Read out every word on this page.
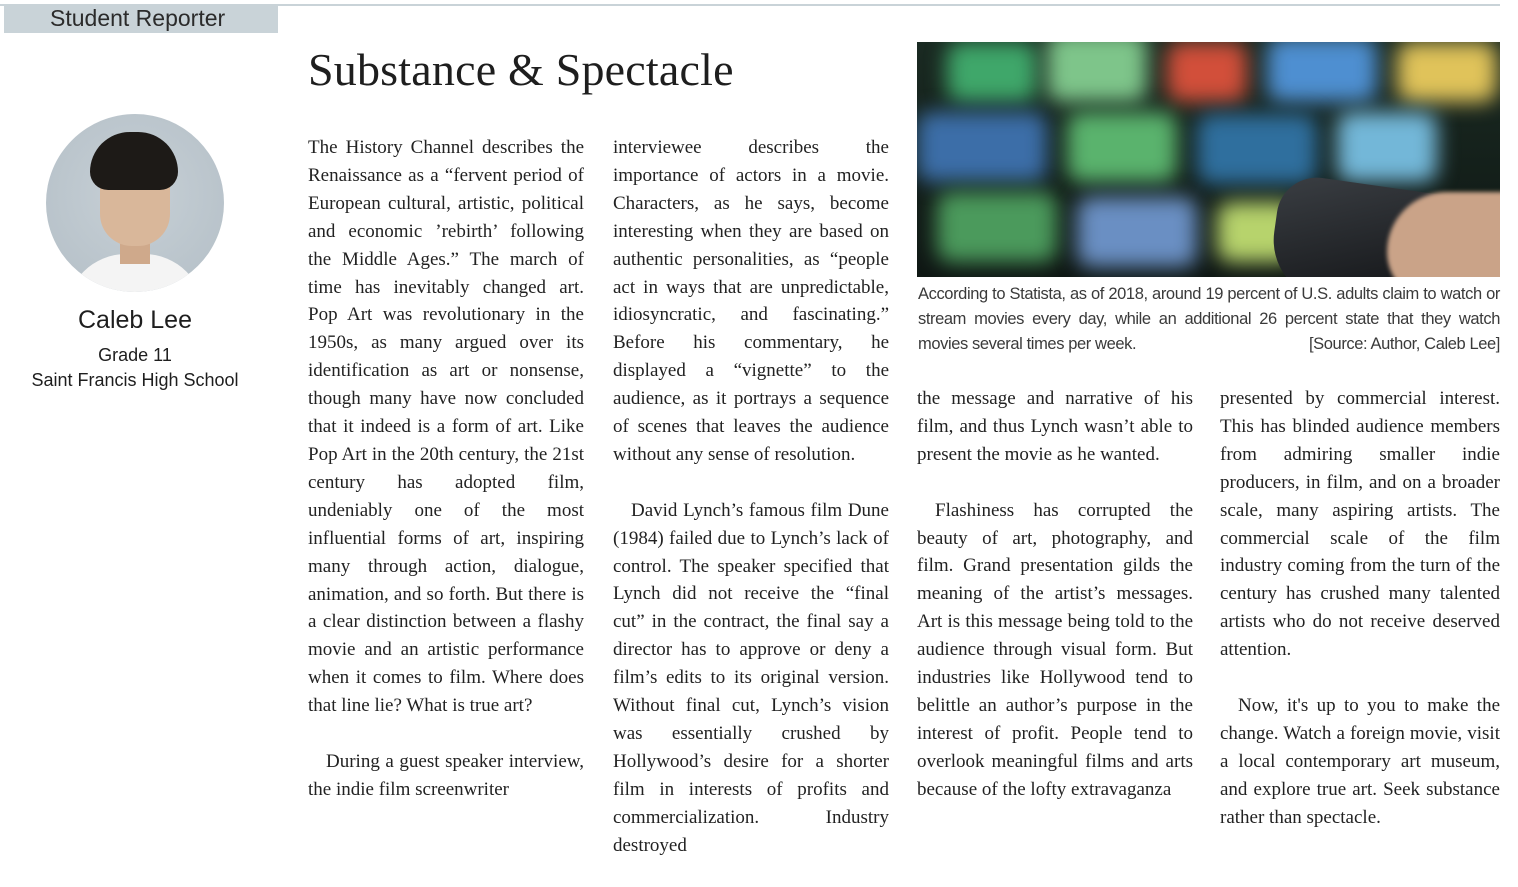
Student Reporter
Substance & Spectacle
Caleb Lee
Grade 11
Saint Francis High School
According to Statista, as of 2018, around 19 percent of U.S. adults claim to watch or stream movies every day, while an additional 26 percent state that they watch movies several times per week.	[Source: Author, Caleb Lee]

The History Channel describes the Renaissance as a “fervent period of European cultural, artistic, political and economic ’rebirth’ following the Middle Ages.” The march of time has inevitably changed art. Pop Art was revolutionary in the 1950s, as many argued over its identification as art or nonsense, though many have now concluded that it indeed is a form of art. Like Pop Art in the 20th century, the 21st century has adopted film, undeniably one of the most influential forms of art, inspiring many through action, dialogue, animation, and so forth. But there is a clear distinction between a flashy movie and an artistic performance when it comes to film. Where does that line lie? What is true art?

During a guest speaker interview, the indie film screenwriter

interviewee describes the importance of actors in a movie. Characters, as he says, become interesting when they are based on authentic personalities, as “people act in ways that are unpredictable, idiosyncratic, and fascinating.” Before his commentary, he displayed a “vignette” to the audience, as it portrays a sequence of scenes that leaves the audience without any sense of resolution.

David Lynch’s famous film Dune (1984) failed due to Lynch’s lack of control. The speaker specified that Lynch did not receive the “final cut” in the contract, the final say a director has to approve or deny a film’s edits to its original version. Without final cut, Lynch’s vision was essentially crushed by Hollywood’s desire for a shorter film in interests of profits and commercialization. Industry destroyed

the message and narrative of his film, and thus Lynch wasn’t able to present the movie as he wanted.

Flashiness has corrupted the beauty of art, photography, and film. Grand presentation gilds the meaning of the artist’s messages. Art is this message being told to the audience through visual form. But industries like Hollywood tend to belittle an author’s purpose in the interest of profit. People tend to overlook meaningful films and arts because of the lofty extravaganza

presented by commercial interest. This has blinded audience members from admiring smaller indie producers, in film, and on a broader scale, many aspiring artists. The commercial scale of the film industry coming from the turn of the century has crushed many talented artists who do not receive deserved attention.

Now, it's up to you to make the change. Watch a foreign movie, visit a local contemporary art museum, and explore true art. Seek substance rather than spectacle.
